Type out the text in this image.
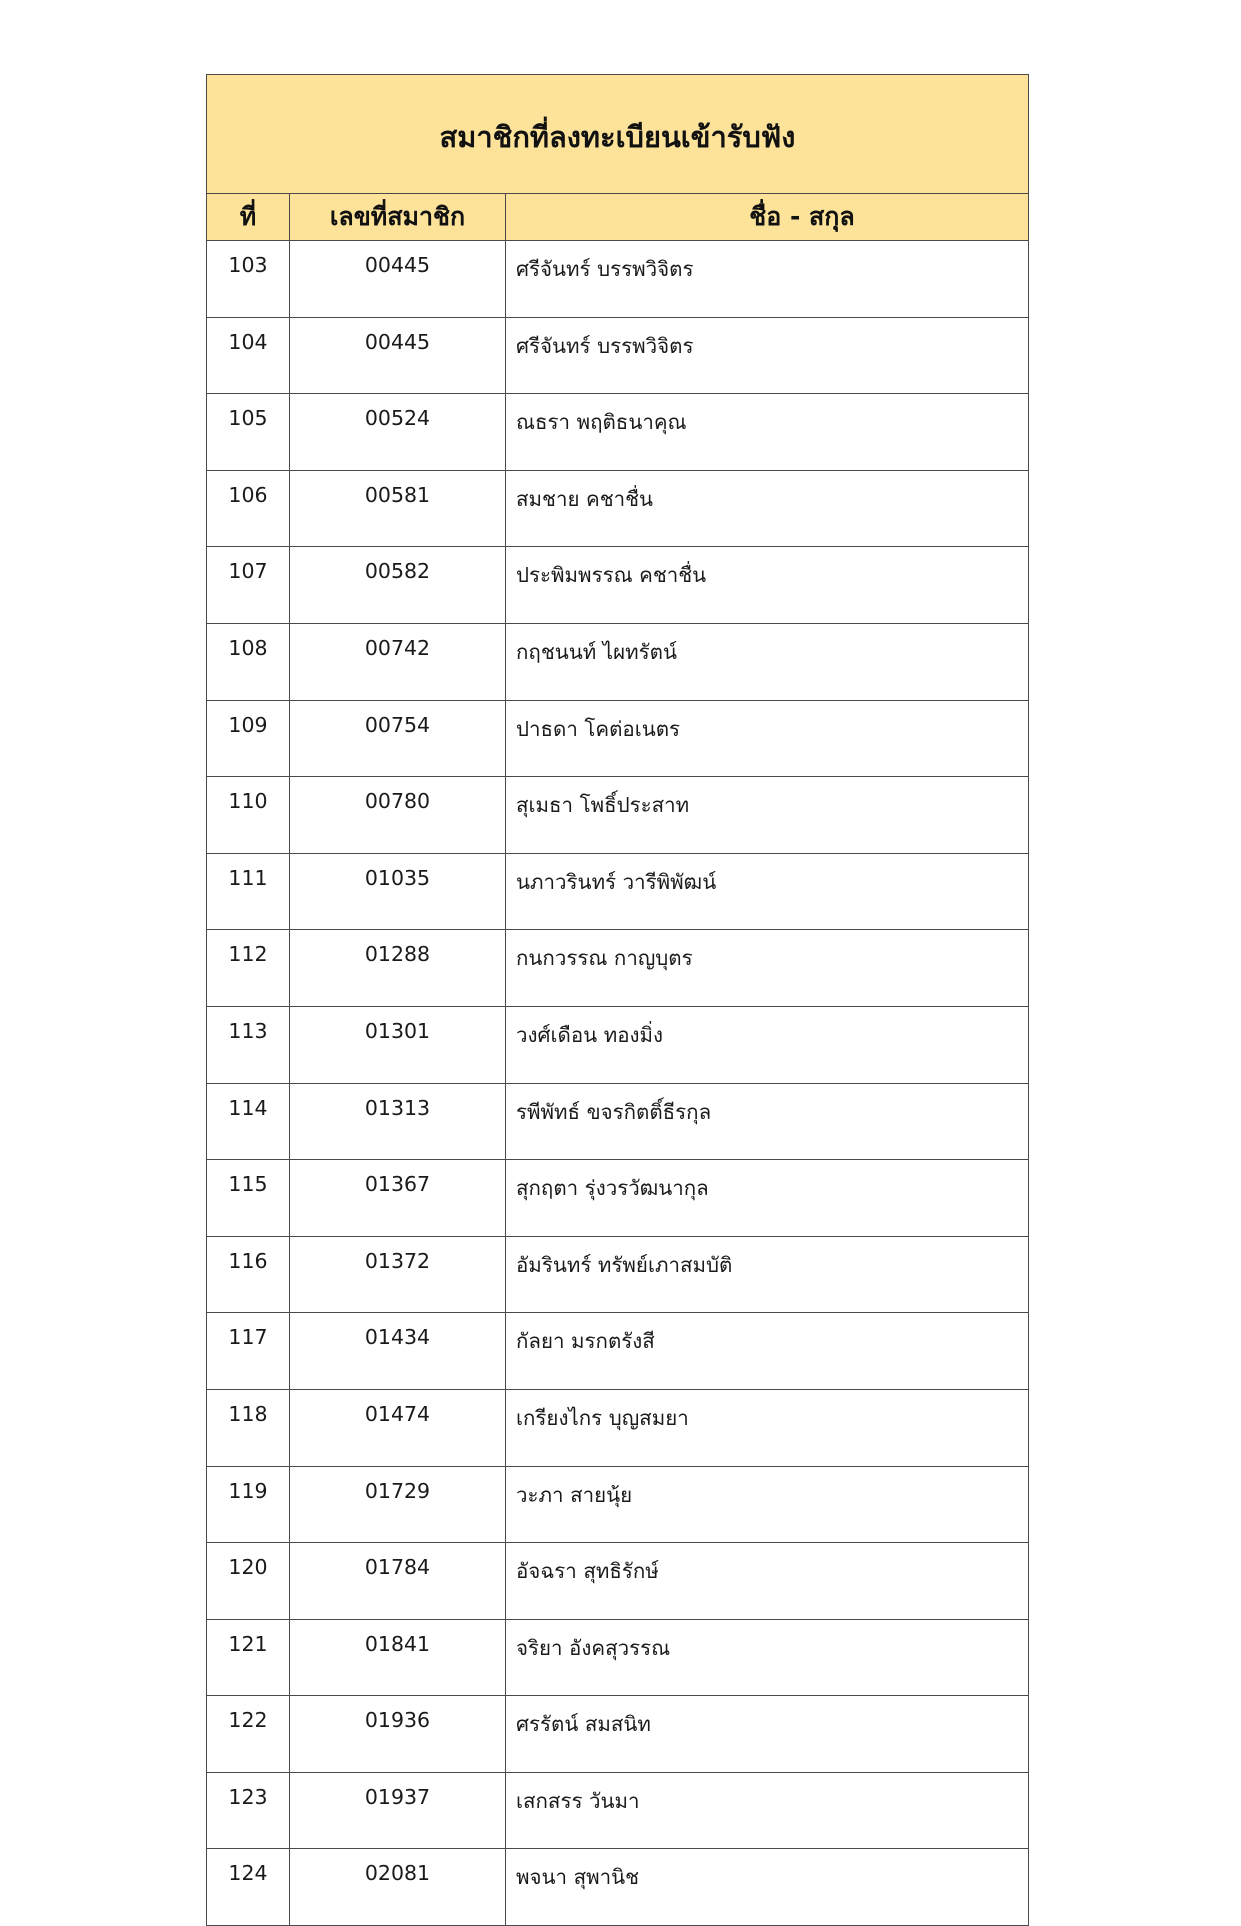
สมาชิกที่ลงทะเบียนเข้ารับฟัง		
ที่	เลขที่สมาชิก	ชื่อ - สกุล
103	00445	ศรีจันทร์ บรรพวิจิตร
104	00445	ศรีจันทร์ บรรพวิจิตร
105	00524	ณธรา พฤติธนาคุณ
106	00581	สมชาย คชาชื่น
107	00582	ประพิมพรรณ คชาชื่น
108	00742	กฤชนนท์ ไผทรัตน์
109	00754	ปาธดา โคต่อเนตร
110	00780	สุเมธา โพธิ์ประสาท
111	01035	นภาวรินทร์ วารีพิพัฒน์
112	01288	กนกวรรณ กาญบุตร
113	01301	วงศ์เดือน ทองมิ่ง
114	01313	รพีพัทธ์ ขจรกิตติ์ธีรกุล
115	01367	สุกฤตา รุ่งวรวัฒนากุล
116	01372	อัมรินทร์ ทรัพย์เภาสมบัติ
117	01434	กัลยา มรกตรังสี
118	01474	เกรียงไกร บุญสมยา
119	01729	วะภา สายนุ้ย
120	01784	อัจฉรา สุทธิรักษ์
121	01841	จริยา อังคสุวรรณ
122	01936	ศรรัตน์ สมสนิท
123	01937	เสกสรร วันมา
124	02081	พจนา สุพานิช
